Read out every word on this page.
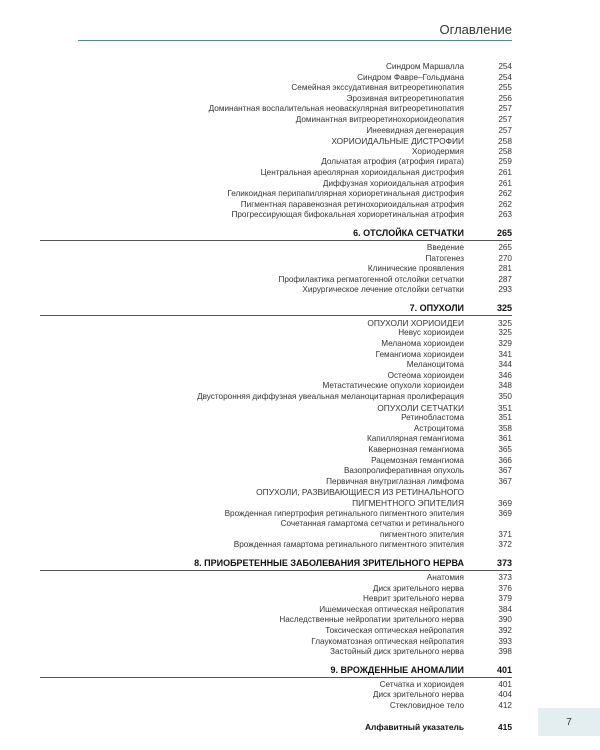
Оглавление
Синдром Маршалла	254
Синдром Фавре–Гольдмана	254
Семейная экссудативная витреоретинопатия	255
Эрозивная витреоретинопатия	256
Доминантная воспалительная неоваскулярная витреоретинопатия	257
Доминантная витреоретинохориоидеопатия	257
Инеевидная дегенерация	257
ХОРИОИДАЛЬНЫЕ ДИСТРОФИИ	258
Хориодермия	258
Дольчатая атрофия (атрофия гирата)	259
Центральная ареолярная хориоидальная дистрофия	261
Диффузная хориоидальная атрофия	261
Геликоидная перипапиллярная хориоретинальная дистрофия	262
Пигментная паравенозная ретинохориоидальная атрофия	262
Прогрессирующая бифокальная хориоретинальная атрофия	263
6. ОТСЛОЙКА СЕТЧАТКИ	265
Введение	265
Патогенез	270
Клинические проявления	281
Профилактика регматогенной отслойки сетчатки	287
Хирургическое лечение отслойки сетчатки	293
7. ОПУХОЛИ	325
ОПУХОЛИ ХОРИОИДЕИ	325
Невус хориоидеи	325
Меланома хориоидеи	329
Гемангиома хориоидеи	341
Меланоцитома	344
Остеома хориоидеи	346
Метастатические опухоли хориоидеи	348
Двусторонняя диффузная увеальная меланоцитарная пролиферация	350
ОПУХОЛИ СЕТЧАТКИ	351
Ретинобластома	351
Астроцитома	358
Капиллярная гемангиома	361
Кавернозная гемангиома	365
Рацемозная гемангиома	366
Вазопролиферативная опухоль	367
Первичная внутриглазная лимфома	367
ОПУХОЛИ, РАЗВИВАЮЩИЕСЯ ИЗ РЕТИНАЛЬНОГО
ПИГМЕНТНОГО ЭПИТЕЛИЯ	369
Врожденная гипертрофия ретинального пигментного эпителия	369
Сочетанная гамартома сетчатки и ретинального
пигментного эпителия	371
Врожденная гамартома ретинального пигментного эпителия	372
8. ПРИОБРЕТЕННЫЕ ЗАБОЛЕВАНИЯ ЗРИТЕЛЬНОГО НЕРВА	373
Анатомия	373
Диск зрительного нерва	376
Неврит зрительного нерва	379
Ишемическая оптическая нейропатия	384
Наследственные нейропатии зрительного нерва	390
Токсическая оптическая нейропатия	392
Глаукоматозная оптическая нейропатия	393
Застойный диск зрительного нерва	398
9. ВРОЖДЕННЫЕ АНОМАЛИИ	401
Сетчатка и хориоидея	401
Диск зрительного нерва	404
Стекловидное тело	412
Алфавитный указатель	415	7
